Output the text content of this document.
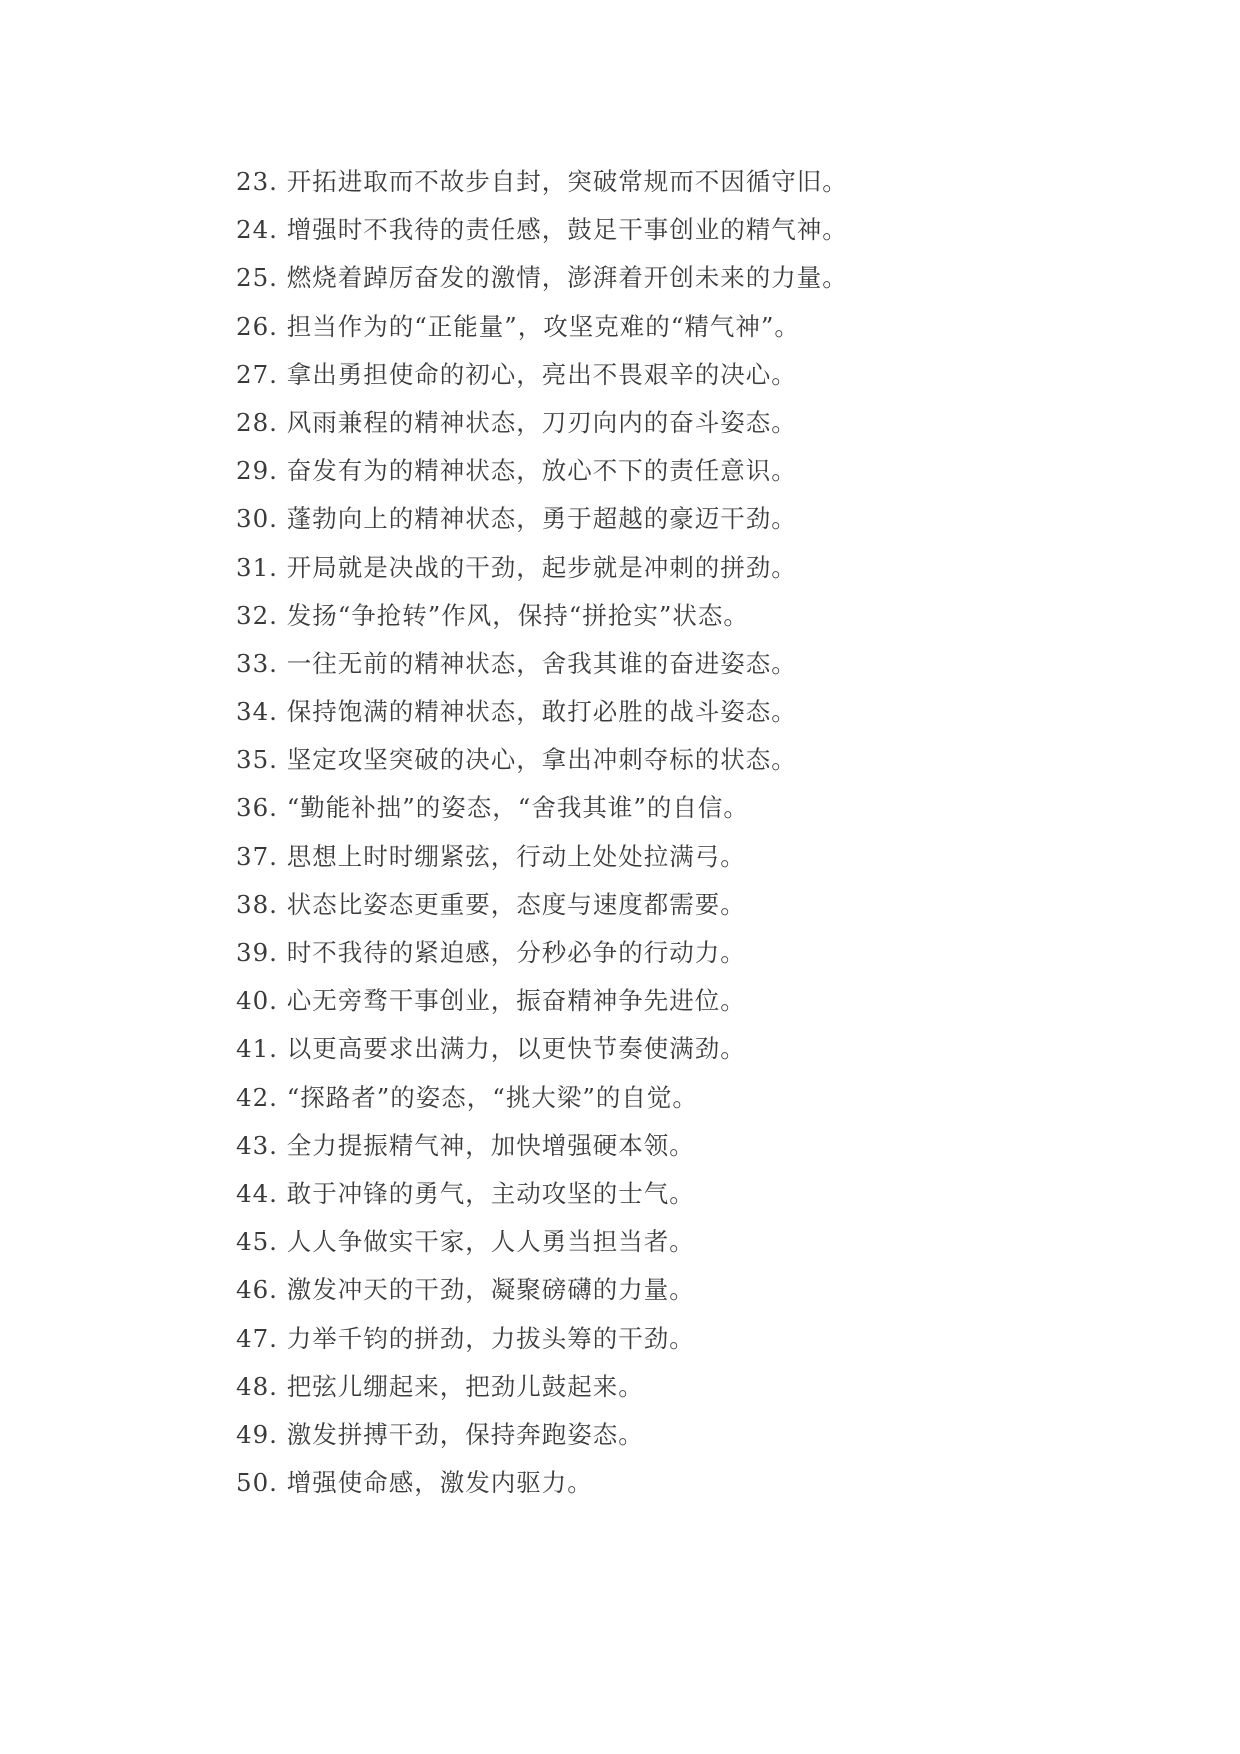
23. 开拓进取而不故步自封，突破常规而不因循守旧。
24. 增强时不我待的责任感，鼓足干事创业的精气神。
25. 燃烧着踔厉奋发的激情，澎湃着开创未来的力量。
26. 担当作为的“正能量”，攻坚克难的“精气神”。
27. 拿出勇担使命的初心，亮出不畏艰辛的决心。
28. 风雨兼程的精神状态，刀刃向内的奋斗姿态。
29. 奋发有为的精神状态，放心不下的责任意识。
30. 蓬勃向上的精神状态，勇于超越的豪迈干劲。
31. 开局就是决战的干劲，起步就是冲刺的拼劲。
32. 发扬“争抢转”作风，保持“拼抢实”状态。
33. 一往无前的精神状态，舍我其谁的奋进姿态。
34. 保持饱满的精神状态，敢打必胜的战斗姿态。
35. 坚定攻坚突破的决心，拿出冲刺夺标的状态。
36. “勤能补拙”的姿态，“舍我其谁”的自信。
37. 思想上时时绷紧弦，行动上处处拉满弓。
38. 状态比姿态更重要，态度与速度都需要。
39. 时不我待的紧迫感，分秒必争的行动力。
40. 心无旁骛干事创业，振奋精神争先进位。
41. 以更高要求出满力，以更快节奏使满劲。
42. “探路者”的姿态，“挑大梁”的自觉。
43. 全力提振精气神，加快增强硬本领。
44. 敢于冲锋的勇气，主动攻坚的士气。
45. 人人争做实干家，人人勇当担当者。
46. 激发冲天的干劲，凝聚磅礴的力量。
47. 力举千钧的拼劲，力拔头筹的干劲。
48. 把弦儿绷起来，把劲儿鼓起来。
49. 激发拼搏干劲，保持奔跑姿态。
50. 增强使命感，激发内驱力。
